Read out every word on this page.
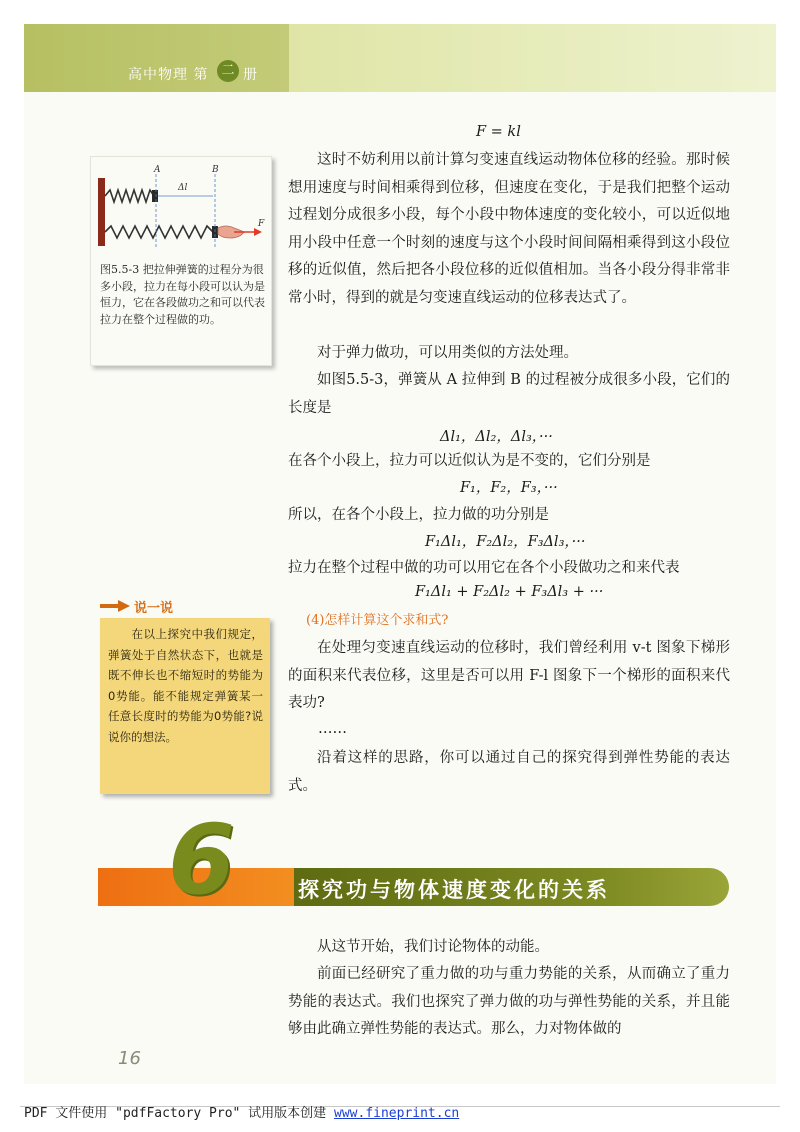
高中物理 第	二 册
F = kl
A	B
Δl
F
图5.5-3 把拉伸弹簧的过程分为很多小段，拉力在每小段可以认为是恒力，它在各段做功之和可以代表拉力在整个过程做的功。

这时不妨利用以前计算匀变速直线运动物体位移的经验。那时候想用速度与时间相乘得到位移，但速度在变化，于是我们把整个运动过程划分成很多小段，每个小段中物体速度的变化较小，可以近似地用小段中任意一个时刻的速度与这个小段时间间隔相乘得到这小段位移的近似值，然后把各小段位移的近似值相加。当各小段分得非常非常小时，得到的就是匀变速直线运动的位移表达式了。

对于弹力做功，可以用类似的方法处理。

如图5.5-3，弹簧从 A 拉伸到 B 的过程被分成很多小段，它们的长度是

Δl₁，Δl₂，Δl₃，···
在各个小段上，拉力可以近似认为是不变的，它们分别是
F₁，F₂，F₃，···
所以，在各个小段上，拉力做的功分别是
F₁Δl₁，F₂Δl₂，F₃Δl₃，···
拉力在整个过程中做的功可以用它在各个小段做功之和来代表
F₁Δl₁ + F₂Δl₂ + F₃Δl₃ + ···
(4)怎样计算这个求和式?

在处理匀变速直线运动的位移时，我们曾经利用 v-t 图象下梯形的面积来代表位移，这里是否可以用 F-l 图象下一个梯形的面积来代表功?

……

沿着这样的思路，你可以通过自己的探究得到弹性势能的表达式。

说一说
在以上探究中我们规定，弹簧处于自然状态下，也就是既不伸长也不缩短时的势能为0势能。能不能规定弹簧某一任意长度时的势能为0势能?说说你的想法。
6	探究功与物体速度变化的关系

从这节开始，我们讨论物体的动能。

前面已经研究了重力做的功与重力势能的关系，从而确立了重力势能的表达式。我们也探究了弹力做的功与弹性势能的关系，并且能够由此确立弹性势能的表达式。那么，力对物体做的

16
PDF 文件使用 "pdfFactory Pro" 试用版本创建 www.fineprint.cn
